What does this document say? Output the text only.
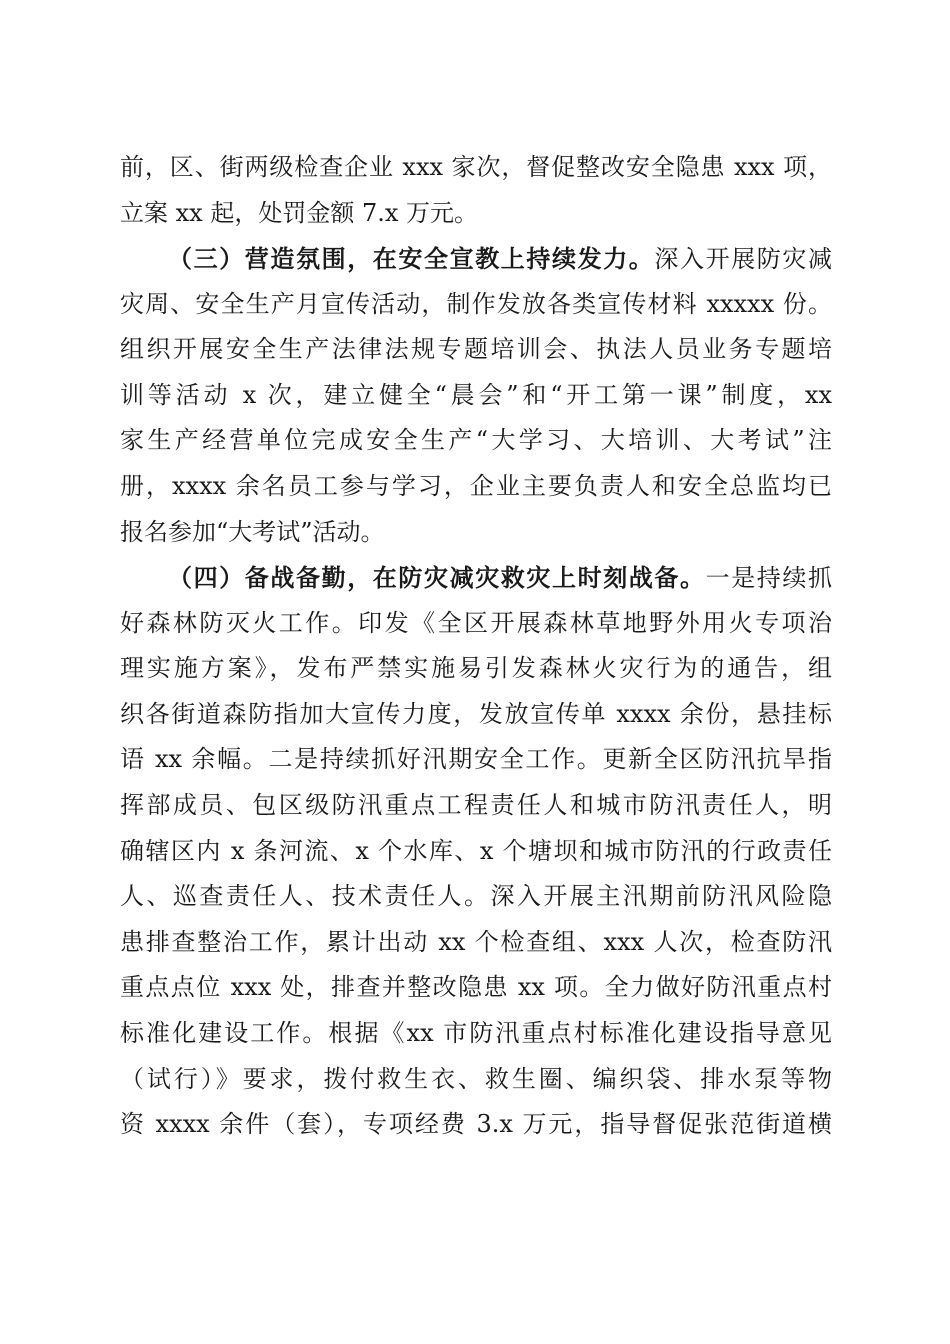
前，区、街两级检查企业 xxx 家次，督促整改安全隐患 xxx 项，
立案 xx 起，处罚金额 7.x 万元。
（三）营造氛围，在安全宣教上持续发力。深入开展防灾减
灾周、安全生产月宣传活动，制作发放各类宣传材料 xxxxx 份。
组织开展安全生产法律法规专题培训会、执法人员业务专题培
训等活动 x 次，建立健全“晨会”和“开工第一课”制度，xx
家生产经营单位完成安全生产“大学习、大培训、大考试”注
册，xxxx 余名员工参与学习，企业主要负责人和安全总监均已
报名参加“大考试”活动。
（四）备战备勤，在防灾减灾救灾上时刻战备。一是持续抓
好森林防灭火工作。印发《全区开展森林草地野外用火专项治
理实施方案》，发布严禁实施易引发森林火灾行为的通告，组
织各街道森防指加大宣传力度，发放宣传单 xxxx 余份，悬挂标
语 xx 余幅。二是持续抓好汛期安全工作。更新全区防汛抗旱指
挥部成员、包区级防汛重点工程责任人和城市防汛责任人，明
确辖区内 x 条河流、x 个水库、x 个塘坝和城市防汛的行政责任
人、巡查责任人、技术责任人。深入开展主汛期前防汛风险隐
患排查整治工作，累计出动 xx 个检查组、xxx 人次，检查防汛
重点点位 xxx 处，排查并整改隐患 xx 项。全力做好防汛重点村
标准化建设工作。根据《xx 市防汛重点村标准化建设指导意见
（试行）》要求，拨付救生衣、救生圈、编织袋、排水泵等物
资 xxxx 余件（套），专项经费 3.x 万元，指导督促张范街道横
